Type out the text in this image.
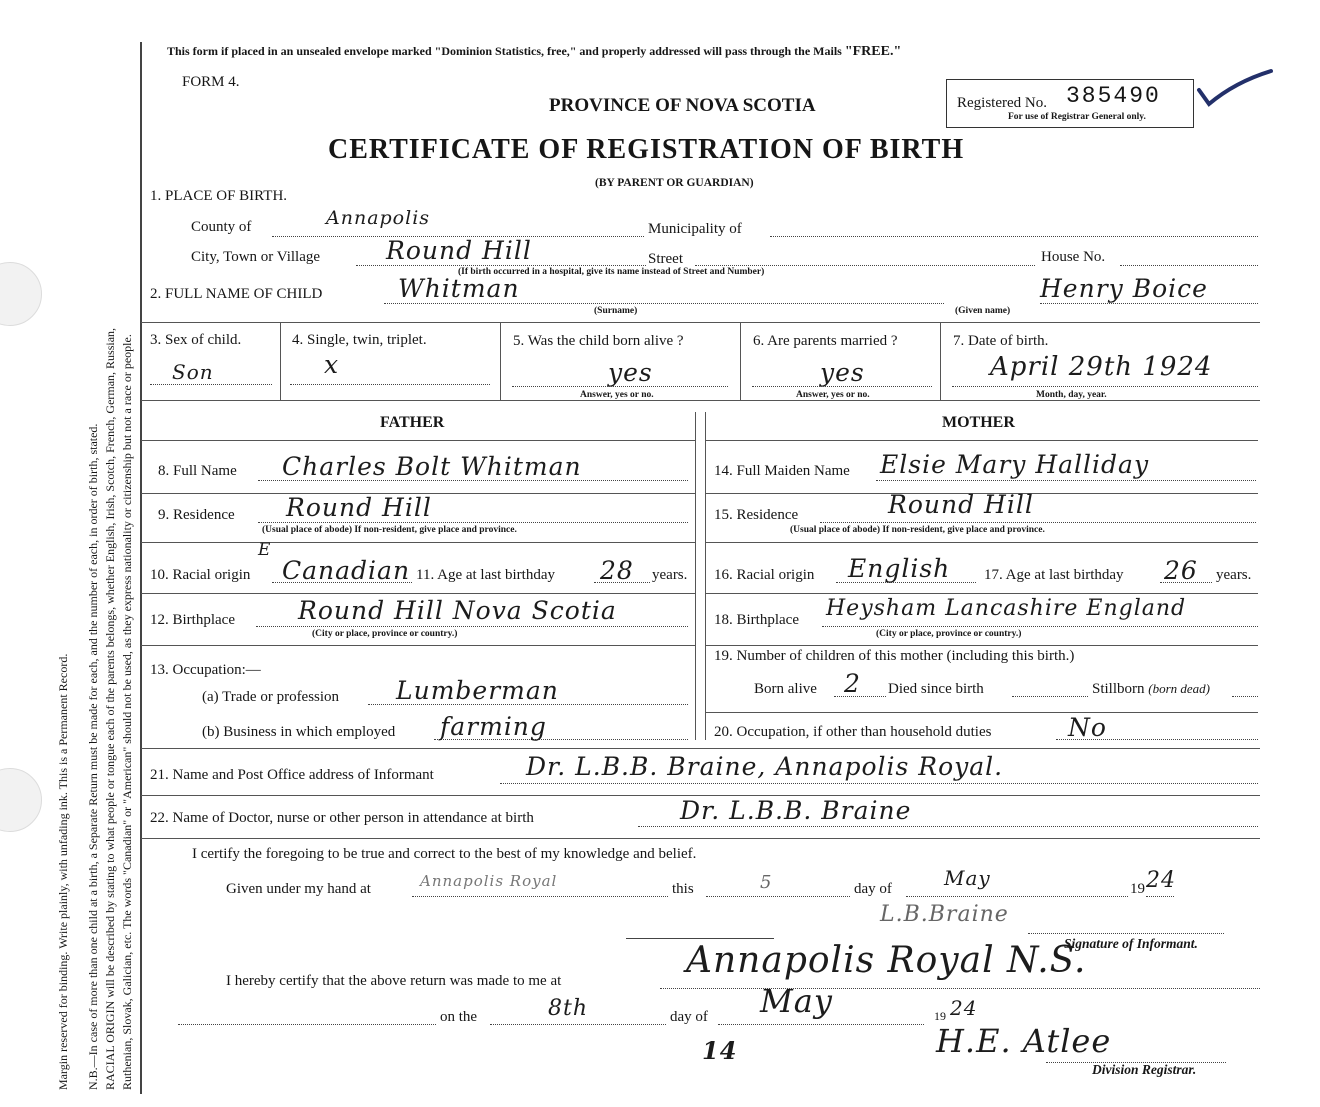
Ruthenian, Slovak, Galician, etc. The words "Canadian" or "American" should not be used, as they express nationality or citizenship but not a race or people.
RACIAL ORIGIN will be described by stating to what people or tongue each of the parents belongs, whether English, Irish, Scotch, French, German, Russian,
N.B.—In case of more than one child at a birth, a Separate Return must be made for each, and the number of each, in order of birth, stated.
Margin reserved for binding. Write plainly, with unfading ink. This is a Permanent Record.
This form if placed in an unsealed envelope marked "Dominion Statistics, free," and properly addressed will pass through the Mails "FREE."
FORM 4.
PROVINCE OF NOVA SCOTIA
CERTIFICATE OF REGISTRATION OF BIRTH
(BY PARENT OR GUARDIAN)
Registered No. 385490
For use of Registrar General only.
1. PLACE OF BIRTH.
County of	Annapolis	Municipality of
City, Town or Village	Round Hill	Street	House No.
(If birth occurred in a hospital, give its name instead of Street and Number)
2. FULL NAME OF CHILD	Whitman
(Surname)	(Given name)
Henry Boice
3. Sex of child.
Son
4. Single, twin, triplet.
x
5. Was the child born alive ?
yes
Answer, yes or no.
6. Are parents married ?
yes
Answer, yes or no.
7. Date of birth.
April 29th 1924
Month, day, year.
FATHER	MOTHER
8. Full Name Charles Bolt Whitman
9. Residence Round Hill
(Usual place of abode) If non-resident, give place and province.
10. Racial origin
E
Canadian 11. Age at last birthday 28 years.
12. Birthplace	Round Hill Nova Scotia
(City or place, province or country.)
13. Occupation:—
(a) Trade or profession Lumberman
(b) Business in which employed farming
14. Full Maiden Name Elsie Mary Halliday
15. Residence	Round Hill
(Usual place of abode) If non-resident, give place and province.
16. Racial origin English 17. Age at last birthday 26 years.
18. Birthplace Heysham Lancashire England
(City or place, province or country.)
19. Number of children of this mother (including this birth.)
Born alive 2 Died since birth	Stillborn (born dead)
20. Occupation, if other than household duties	No
21. Name and Post Office address of Informant	Dr. L.B.B. Braine, Annapolis Royal.
22. Name of Doctor, nurse or other person in attendance at birth	Dr. L.B.B. Braine
I certify the foregoing to be true and correct to the best of my knowledge and belief.
Given under my hand at	Annapolis Royal	this	5	day of	May	19 24
L.B.Braine
Signature of Informant.
I hereby certify that the above return was made to me at	Annapolis Royal N.S.
on the	8th	day of May	19 24
H.E. Atlee
14
Division Registrar.
